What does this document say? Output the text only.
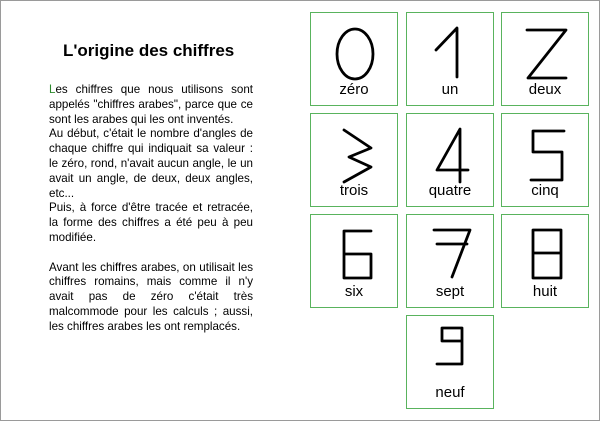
L'origine des chiffres

Les chiffres que nous utilisons sont appelés "chiffres arabes", parce que ce sont les arabes qui les ont inventés.

Au début, c'était le nombre d'angles de chaque chiffre qui indiquait sa valeur : le zéro, rond, n'avait aucun angle, le un avait un angle, de deux, deux angles, etc...

Puis, à force d'être tracée et retracée, la forme des chiffres a été peu à peu modifiée.

Avant les chiffres arabes, on utilisait les chiffres romains, mais comme il n'y avait pas de zéro c'était très malcommode pour les calculs ; aussi, les chiffres arabes les ont remplacés.

zéro	un	deux
trois	quatre	cinq
six	sept	huit
neuf
